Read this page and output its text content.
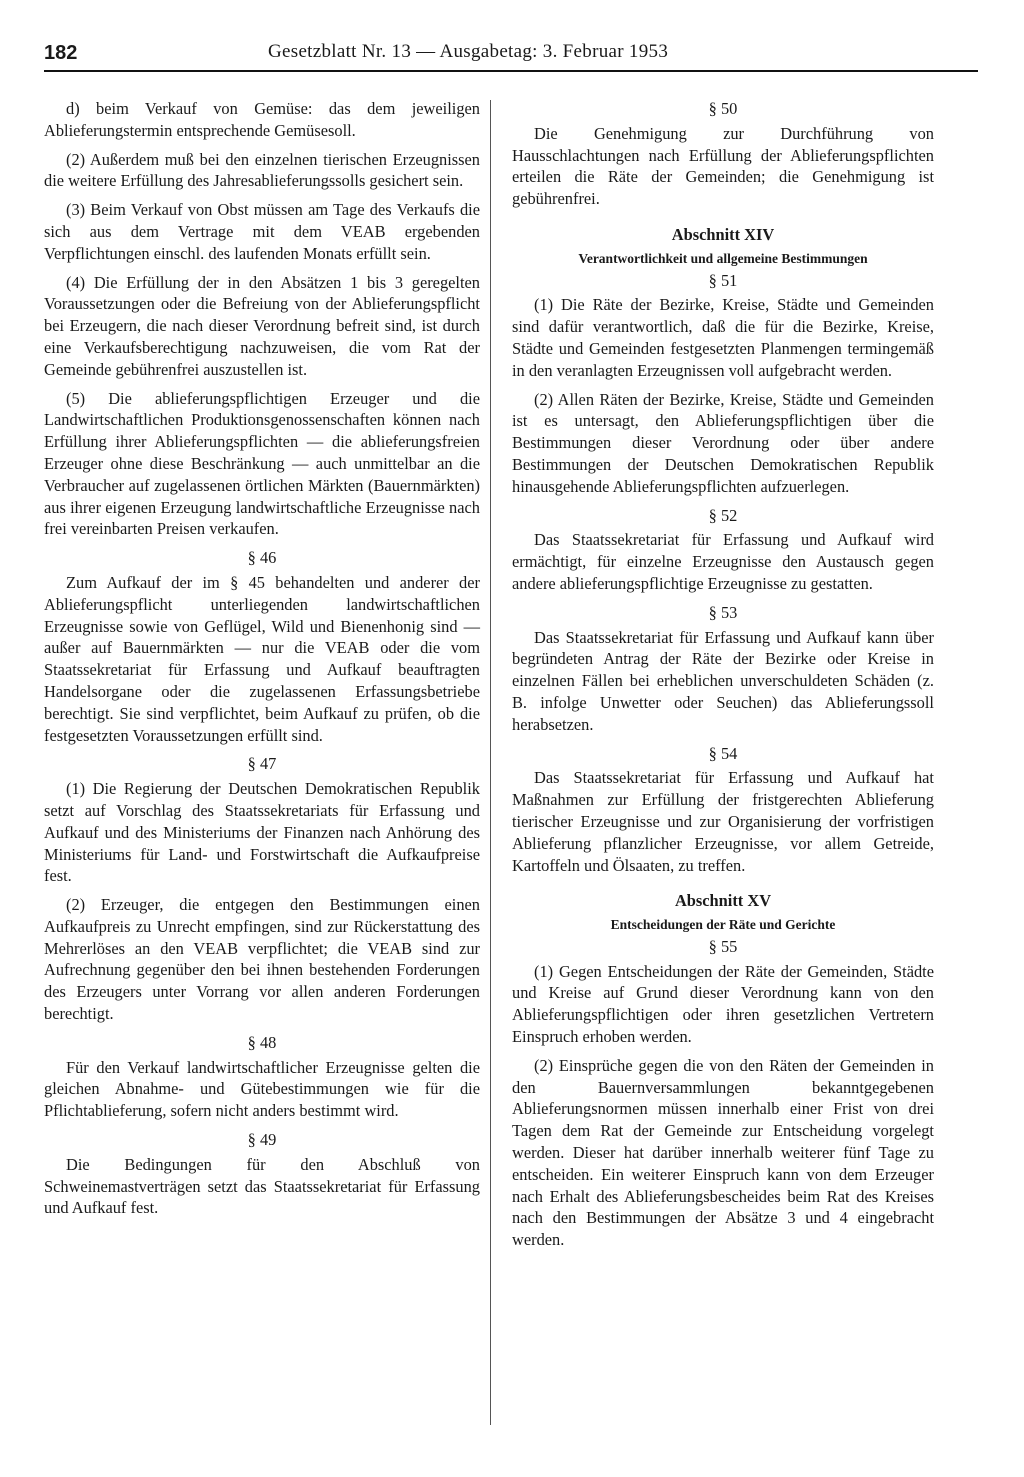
182	Gesetzblatt Nr. 13 — Ausgabetag: 3. Februar 1953

d) beim Verkauf von Gemüse: das dem jeweiligen Ablieferungstermin entsprechende Gemüsesoll.

(2) Außerdem muß bei den einzelnen tierischen Erzeugnissen die weitere Erfüllung des Jahresablieferungssolls gesichert sein.

(3) Beim Verkauf von Obst müssen am Tage des Verkaufs die sich aus dem Vertrage mit dem VEAB ergebenden Verpflichtungen einschl. des laufenden Monats erfüllt sein.

(4) Die Erfüllung der in den Absätzen 1 bis 3 geregelten Voraussetzungen oder die Befreiung von der Ablieferungspflicht bei Erzeugern, die nach dieser Verordnung befreit sind, ist durch eine Verkaufsberechtigung nachzuweisen, die vom Rat der Gemeinde gebührenfrei auszustellen ist.

(5) Die ablieferungspflichtigen Erzeuger und die Landwirtschaftlichen Produktionsgenossenschaften können nach Erfüllung ihrer Ablieferungspflichten — die ablieferungsfreien Erzeuger ohne diese Beschränkung — auch unmittelbar an die Verbraucher auf zugelassenen örtlichen Märkten (Bauernmärkten) aus ihrer eigenen Erzeugung landwirtschaftliche Erzeugnisse nach frei vereinbarten Preisen verkaufen.

§ 46

Zum Aufkauf der im § 45 behandelten und anderer der Ablieferungspflicht unterliegenden landwirtschaftlichen Erzeugnisse sowie von Geflügel, Wild und Bienenhonig sind — außer auf Bauernmärkten — nur die VEAB oder die vom Staatssekretariat für Erfassung und Aufkauf beauftragten Handelsorgane oder die zugelassenen Erfassungsbetriebe berechtigt. Sie sind verpflichtet, beim Aufkauf zu prüfen, ob die festgesetzten Voraussetzungen erfüllt sind.

§ 47

(1) Die Regierung der Deutschen Demokratischen Republik setzt auf Vorschlag des Staatssekretariats für Erfassung und Aufkauf und des Ministeriums der Finanzen nach Anhörung des Ministeriums für Land- und Forstwirtschaft die Aufkaufpreise fest.

(2) Erzeuger, die entgegen den Bestimmungen einen Aufkaufpreis zu Unrecht empfingen, sind zur Rückerstattung des Mehrerlöses an den VEAB verpflichtet; die VEAB sind zur Aufrechnung gegenüber den bei ihnen bestehenden Forderungen des Erzeugers unter Vorrang vor allen anderen Forderungen berechtigt.

§ 48

Für den Verkauf landwirtschaftlicher Erzeugnisse gelten die gleichen Abnahme- und Gütebestimmungen wie für die Pflichtablieferung, sofern nicht anders bestimmt wird.

§ 49

Die Bedingungen für den Abschluß von Schweinemastverträgen setzt das Staatssekretariat für Erfassung und Aufkauf fest.

§ 50

Die Genehmigung zur Durchführung von Hausschlachtungen nach Erfüllung der Ablieferungspflichten erteilen die Räte der Gemeinden; die Genehmigung ist gebührenfrei.

Abschnitt XIV
Verantwortlichkeit und allgemeine Bestimmungen
§ 51

(1) Die Räte der Bezirke, Kreise, Städte und Gemeinden sind dafür verantwortlich, daß die für die Bezirke, Kreise, Städte und Gemeinden festgesetzten Planmengen termingemäß in den veranlagten Erzeugnissen voll aufgebracht werden.

(2) Allen Räten der Bezirke, Kreise, Städte und Gemeinden ist es untersagt, den Ablieferungspflichtigen über die Bestimmungen dieser Verordnung oder über andere Bestimmungen der Deutschen Demokratischen Republik hinausgehende Ablieferungspflichten aufzuerlegen.

§ 52

Das Staatssekretariat für Erfassung und Aufkauf wird ermächtigt, für einzelne Erzeugnisse den Austausch gegen andere ablieferungspflichtige Erzeugnisse zu gestatten.

§ 53

Das Staatssekretariat für Erfassung und Aufkauf kann über begründeten Antrag der Räte der Bezirke oder Kreise in einzelnen Fällen bei erheblichen unverschuldeten Schäden (z. B. infolge Unwetter oder Seuchen) das Ablieferungssoll herabsetzen.

§ 54

Das Staatssekretariat für Erfassung und Aufkauf hat Maßnahmen zur Erfüllung der fristgerechten Ablieferung tierischer Erzeugnisse und zur Organisierung der vorfristigen Ablieferung pflanzlicher Erzeugnisse, vor allem Getreide, Kartoffeln und Ölsaaten, zu treffen.

Abschnitt XV
Entscheidungen der Räte und Gerichte
§ 55

(1) Gegen Entscheidungen der Räte der Gemeinden, Städte und Kreise auf Grund dieser Verordnung kann von den Ablieferungspflichtigen oder ihren gesetzlichen Vertretern Einspruch erhoben werden.

(2) Einsprüche gegen die von den Räten der Gemeinden in den Bauernversammlungen bekanntgegebenen Ablieferungsnormen müssen innerhalb einer Frist von drei Tagen dem Rat der Gemeinde zur Entscheidung vorgelegt werden. Dieser hat darüber innerhalb weiterer fünf Tage zu entscheiden. Ein weiterer Einspruch kann von dem Erzeuger nach Erhalt des Ablieferungsbescheides beim Rat des Kreises nach den Bestimmungen der Absätze 3 und 4 eingebracht werden.
